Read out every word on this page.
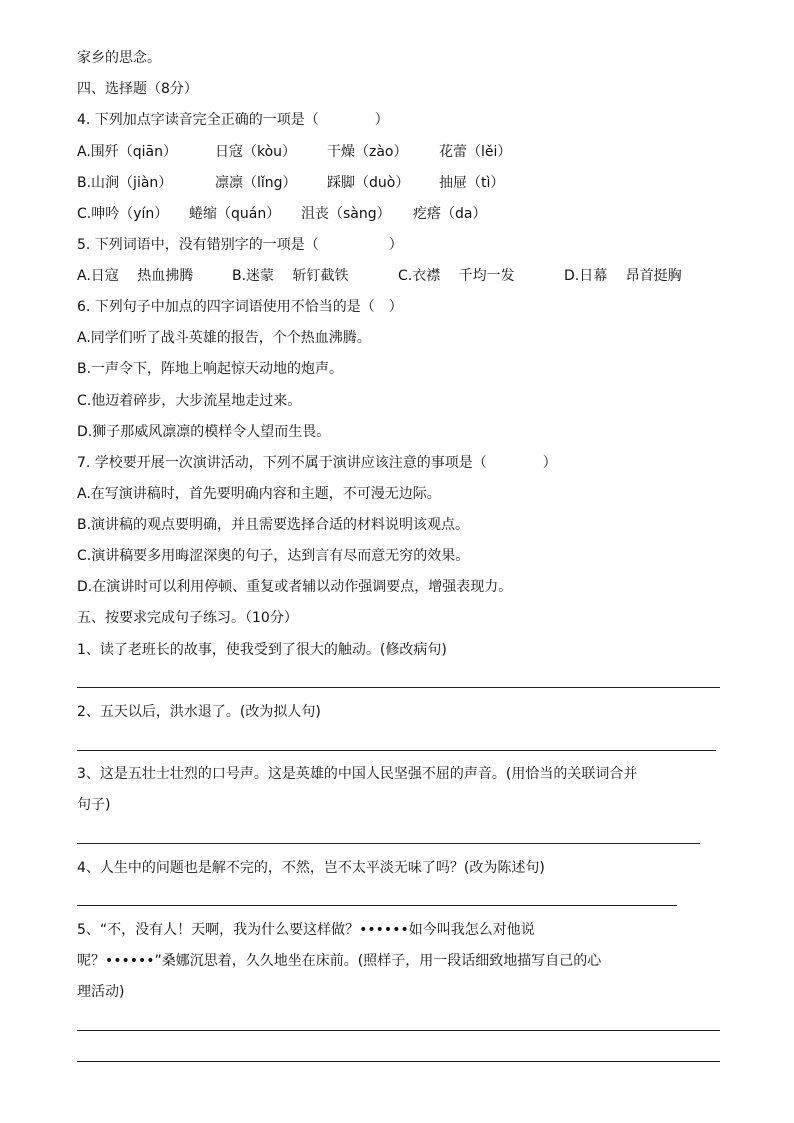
家乡的思念。
四、选择题（8分）
4. 下列加点字读音完全正确的一项是（　　　　）
A.围歼（qiān）	日寇（kòu） 干燥（zào） 花蕾（lěi）
B.山涧（jiàn）	凛凛（lǐng） 踩脚（duò） 抽屉（tì）
C.呻吟（yín） 蜷缩（quán） 沮丧（sàng） 疙瘩（da）
5. 下列词语中，没有错别字的一项是（　　　　　）
A.日寇　 热血拂腾	B.迷蒙　 斩钉截铁	C.衣襟　 千均一发	D.日幕　 昂首挺胸
6. 下列句子中加点的四字词语使用不恰当的是（　）
A.同学们听了战斗英雄的报告，个个热血沸腾。
B.一声令下，阵地上响起惊天动地的炮声。
C.他迈着碎步，大步流星地走过来。
D.狮子那威风凛凛的模样令人望而生畏。
7. 学校要开展一次演讲活动，下列不属于演讲应该注意的事项是（　　　　）
A.在写演讲稿时，首先要明确内容和主题，不可漫无边际。
B.演讲稿的观点要明确，并且需要选择合适的材料说明该观点。
C.演讲稿要多用晦涩深奥的句子，达到言有尽而意无穷的效果。
D.在演讲时可以利用停顿、重复或者辅以动作强调要点，增强表现力。
五、按要求完成句子练习。（10分）
1、读了老班长的故事，使我受到了很大的触动。(修改病句)
2、五天以后，洪水退了。(改为拟人句)
3、这是五壮士壮烈的口号声。这是英雄的中国人民坚强不屈的声音。(用恰当的关联词合并
句子)
4、人生中的问题也是解不完的，不然，岂不太平淡无味了吗？(改为陈述句)
5、“不，没有人！天啊，我为什么要这样做？••••••如今叫我怎么对他说
呢？••••••”桑娜沉思着，久久地坐在床前。(照样子，用一段话细致地描写自己的心
理活动)
